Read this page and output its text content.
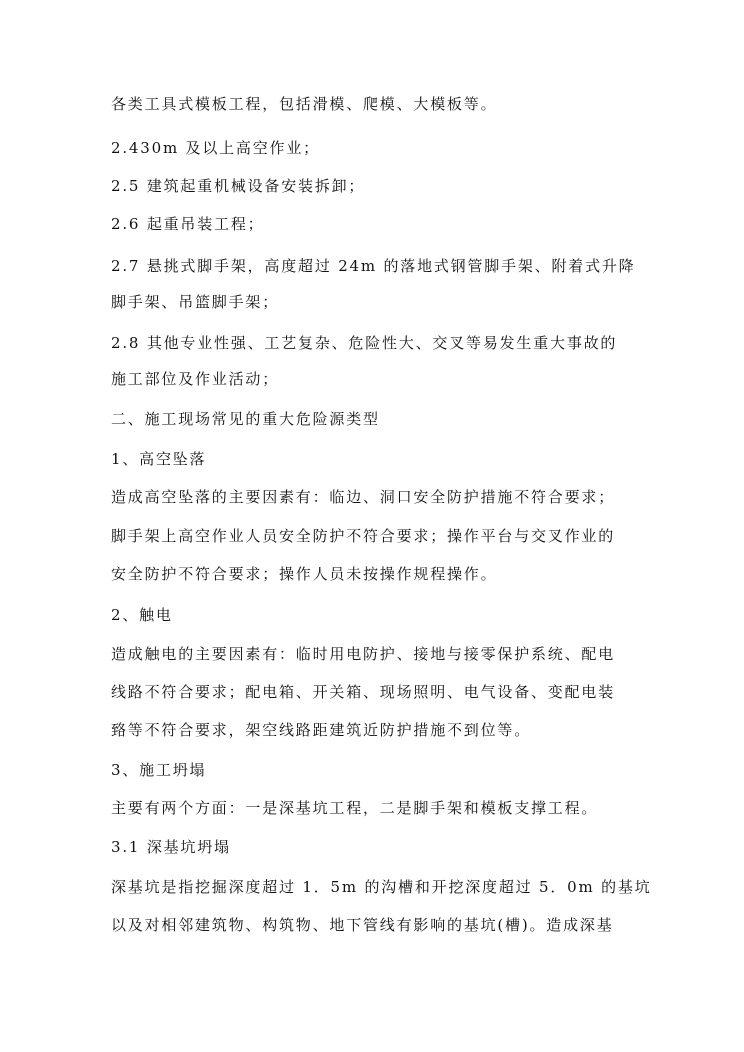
各类工具式模板工程，包括滑模、爬模、大模板等。
2.430m 及以上高空作业；
2.5 建筑起重机械设备安装拆卸；
2.6 起重吊装工程；
2.7 悬挑式脚手架，高度超过 24m 的落地式钢管脚手架、附着式升降
脚手架、吊篮脚手架；
2.8 其他专业性强、工艺复杂、危险性大、交叉等易发生重大事故的
施工部位及作业活动；
二、施工现场常见的重大危险源类型
1、高空坠落
造成高空坠落的主要因素有：临边、洞口安全防护措施不符合要求；
脚手架上高空作业人员安全防护不符合要求；操作平台与交叉作业的
安全防护不符合要求；操作人员未按操作规程操作。
2、触电
造成触电的主要因素有：临时用电防护、接地与接零保护系统、配电
线路不符合要求；配电箱、开关箱、现场照明、电气设备、变配电装
臵等不符合要求，架空线路距建筑近防护措施不到位等。
3、施工坍塌
主要有两个方面：一是深基坑工程，二是脚手架和模板支撑工程。
3.1 深基坑坍塌
深基坑是指挖掘深度超过 1．5m 的沟槽和开挖深度超过 5．0m 的基坑
以及对相邻建筑物、构筑物、地下管线有影响的基坑(槽)。造成深基
